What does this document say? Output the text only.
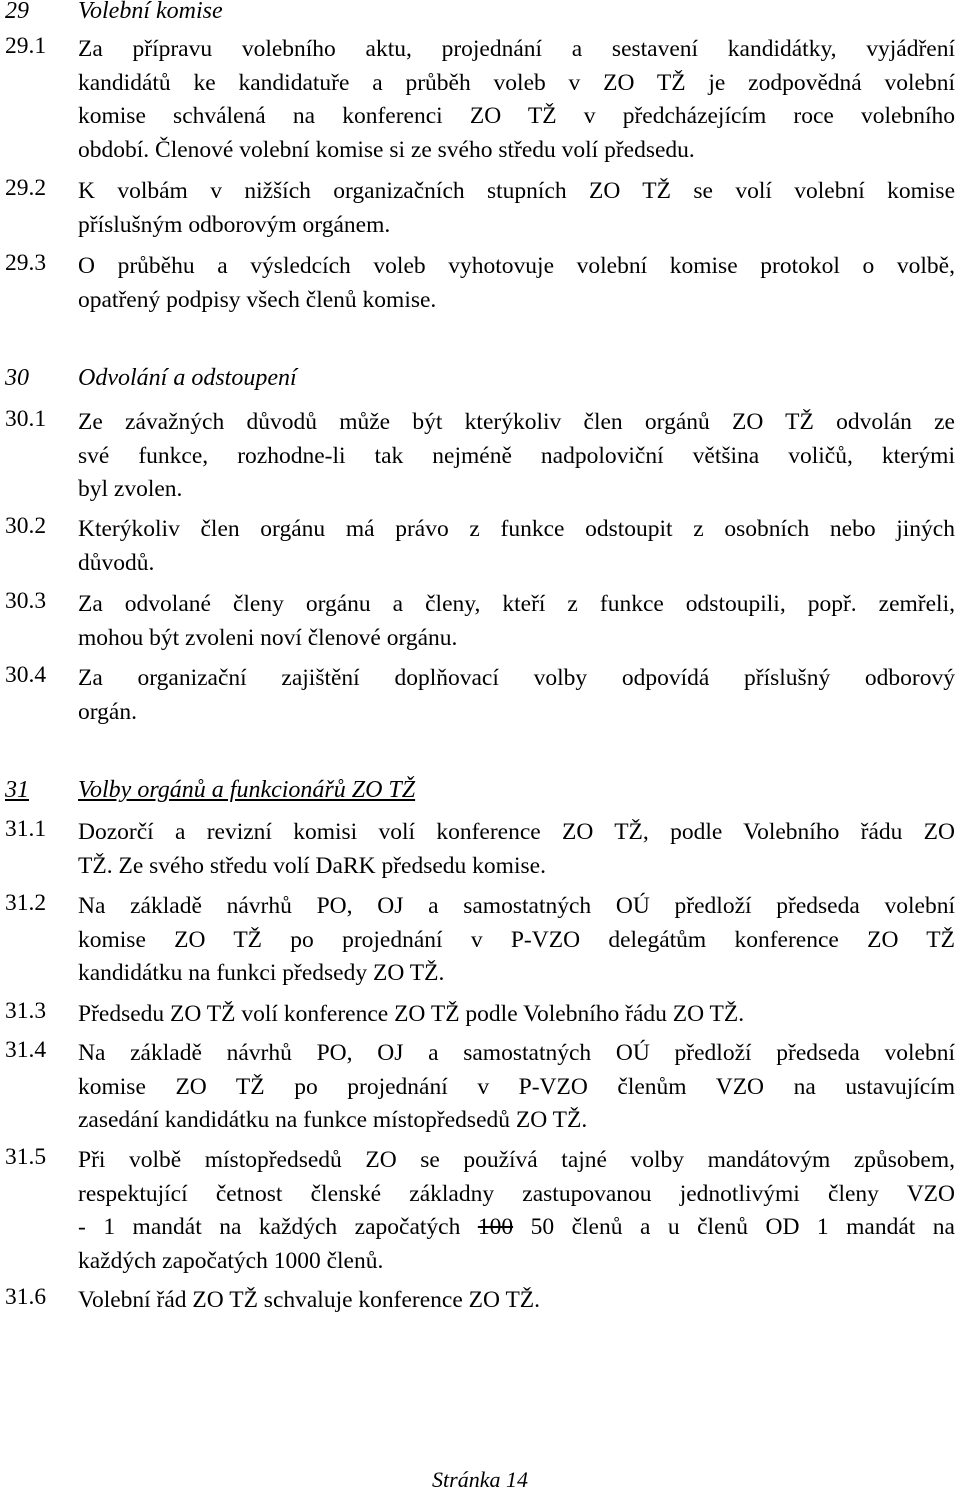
29 Volební komise
29.1 Za přípravu volebního aktu, projednání a sestavení kandidátky, vyjádření
kandidátů ke kandidatuře a průběh voleb v ZO TŽ je zodpovědná volební
komise schválená na konferenci ZO TŽ v předcházejícím roce volebního
období. Členové volební komise si ze svého středu volí předsedu.
29.2 K volbám v nižších organizačních stupních ZO TŽ se volí volební komise
příslušným odborovým orgánem.
29.3 O průběhu a výsledcích voleb vyhotovuje volební komise protokol o volbě,
opatřený podpisy všech členů komise.
30 Odvolání a odstoupení
30.1 Ze závažných důvodů může být kterýkoliv člen orgánů ZO TŽ odvolán ze
své funkce, rozhodne-li tak nejméně nadpoloviční většina voličů, kterými
byl zvolen.
30.2 Kterýkoliv člen orgánu má právo z funkce odstoupit z osobních nebo jiných
důvodů.
30.3 Za odvolané členy orgánu a členy, kteří z funkce odstoupili, popř. zemřeli,
mohou být zvoleni noví členové orgánu.
30.4 Za organizační zajištění doplňovací volby odpovídá příslušný odborový
orgán.
31 Volby orgánů a funkcionářů ZO TŽ
31.1 Dozorčí a revizní komisi volí konference ZO TŽ, podle Volebního řádu ZO
TŽ. Ze svého středu volí DaRK předsedu komise.
31.2 Na základě návrhů PO, OJ a samostatných OÚ předloží předseda volební
komise ZO TŽ po projednání v P-VZO delegátům konference ZO TŽ
kandidátku na funkci předsedy ZO TŽ.
31.3 Předsedu ZO TŽ volí konference ZO TŽ podle Volebního řádu ZO TŽ.
31.4 Na základě návrhů PO, OJ a samostatných OÚ předloží předseda volební
komise ZO TŽ po projednání v P-VZO členům VZO na ustavujícím
zasedání kandidátku na funkce místopředsedů ZO TŽ.
31.5 Při volbě místopředsedů ZO se používá tajné volby mandátovým způsobem,
respektující četnost členské základny zastupovanou jednotlivými členy VZO
- 1 mandát na každých započatých 100 50 členů a u členů OD 1 mandát na
každých započatých 1000 členů.
31.6 Volební řád ZO TŽ schvaluje konference ZO TŽ.
Stránka 14
